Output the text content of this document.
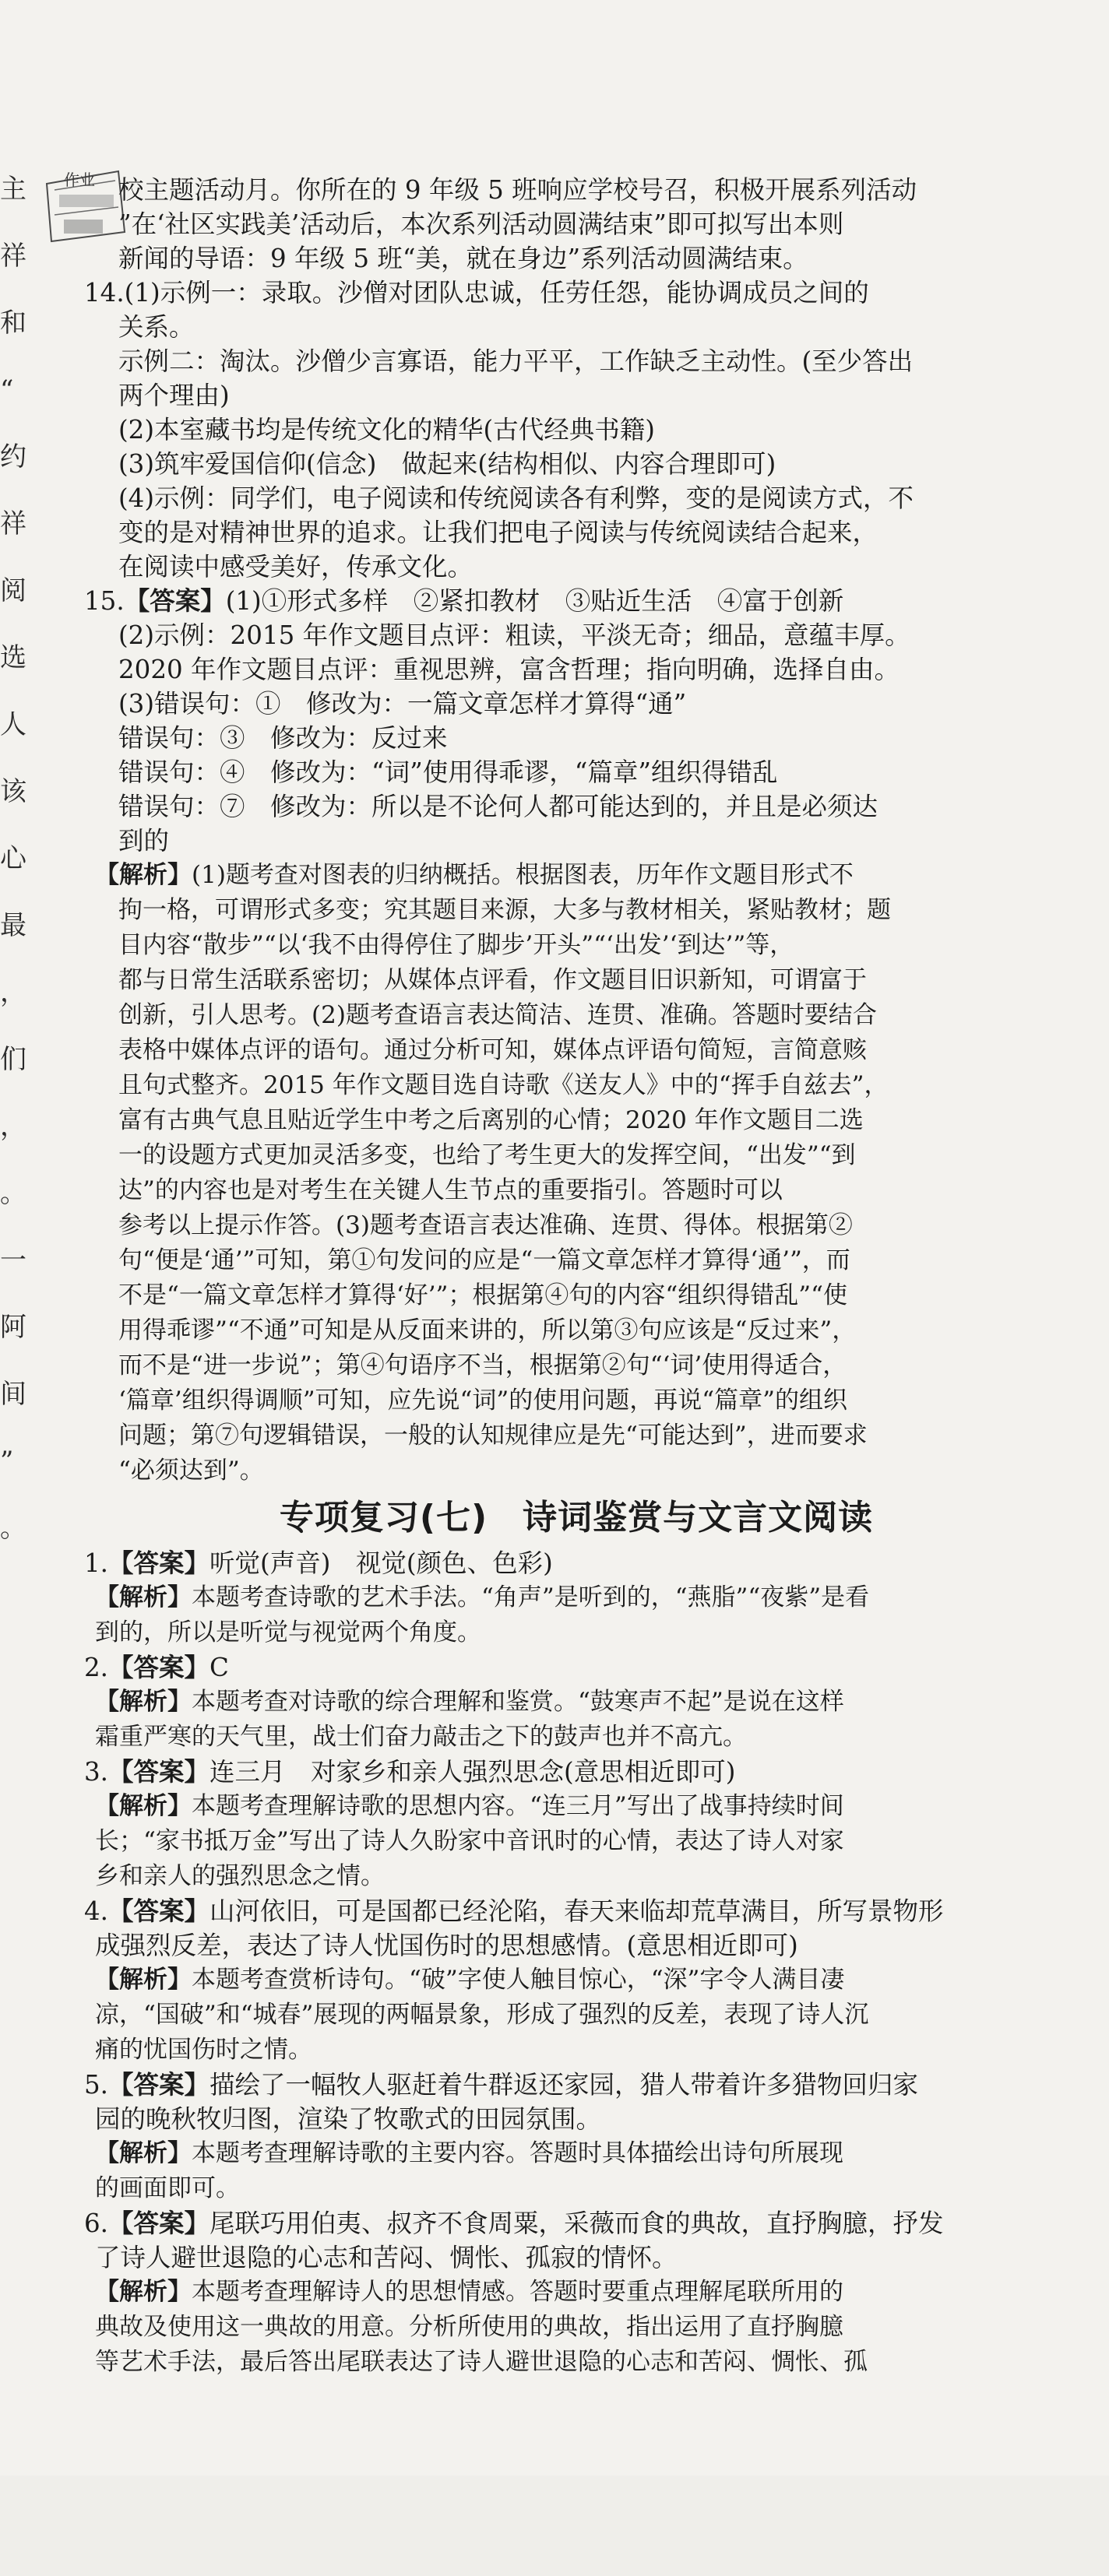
主
祥
和
“
约
祥
阅
选
人
该
心
最
，
们
，
。
一
阿
间
”
。
作业 校主题活动月。你所在的 9 年级 5 班响应学校号召，积极开展系列活动
”在‘社区实践美’活动后，本次系列活动圆满结束”即可拟写出本则
新闻的导语：9 年级 5 班“美，就在身边”系列活动圆满结束。
14.(1)示例一：录取。沙僧对团队忠诚，任劳任怨，能协调成员之间的
关系。
示例二：淘汰。沙僧少言寡语，能力平平，工作缺乏主动性。(至少答出
两个理由)
(2)本室藏书均是传统文化的精华(古代经典书籍)
(3)筑牢爱国信仰(信念)　做起来(结构相似、内容合理即可)
(4)示例：同学们，电子阅读和传统阅读各有利弊，变的是阅读方式，不
变的是对精神世界的追求。让我们把电子阅读与传统阅读结合起来，
在阅读中感受美好，传承文化。
15.【答案】(1)①形式多样　②紧扣教材　③贴近生活　④富于创新
(2)示例：2015 年作文题目点评：粗读，平淡无奇；细品，意蕴丰厚。
2020 年作文题目点评：重视思辨，富含哲理；指向明确，选择自由。
(3)错误句：①　修改为：一篇文章怎样才算得“通”
错误句：③　修改为：反过来
错误句：④　修改为：“词”使用得乖谬，“篇章”组织得错乱
错误句：⑦　修改为：所以是不论何人都可能达到的，并且是必须达
到的
【解析】(1)题考查对图表的归纳概括。根据图表，历年作文题目形式不
拘一格，可谓形式多变；究其题目来源，大多与教材相关，紧贴教材；题
目内容“散步”“以‘我不由得停住了脚步’开头”“‘出发’‘到达’”等，
都与日常生活联系密切；从媒体点评看，作文题目旧识新知，可谓富于
创新，引人思考。(2)题考查语言表达简洁、连贯、准确。答题时要结合
表格中媒体点评的语句。通过分析可知，媒体点评语句简短，言简意赅
且句式整齐。2015 年作文题目选自诗歌《送友人》中的“挥手自兹去”，
富有古典气息且贴近学生中考之后离别的心情；2020 年作文题目二选
一的设题方式更加灵活多变，也给了考生更大的发挥空间，“出发”“到
达”的内容也是对考生在关键人生节点的重要指引。答题时可以
参考以上提示作答。(3)题考查语言表达准确、连贯、得体。根据第②
句“便是‘通’”可知，第①句发问的应是“一篇文章怎样才算得‘通’”，而
不是“一篇文章怎样才算得‘好’”；根据第④句的内容“组织得错乱”“使
用得乖谬”“不通”可知是从反面来讲的，所以第③句应该是“反过来”，
而不是“进一步说”；第④句语序不当，根据第②句“‘词’使用得适合，
‘篇章’组织得调顺”可知，应先说“词”的使用问题，再说“篇章”的组织
问题；第⑦句逻辑错误，一般的认知规律应是先“可能达到”，进而要求
“必须达到”。
专项复习(七)　诗词鉴赏与文言文阅读
1.【答案】听觉(声音)　视觉(颜色、色彩)
【解析】本题考查诗歌的艺术手法。“角声”是听到的，“燕脂”“夜紫”是看
到的，所以是听觉与视觉两个角度。
2.【答案】C
【解析】本题考查对诗歌的综合理解和鉴赏。“鼓寒声不起”是说在这样
霜重严寒的天气里，战士们奋力敲击之下的鼓声也并不高亢。
3.【答案】连三月　对家乡和亲人强烈思念(意思相近即可)
【解析】本题考查理解诗歌的思想内容。“连三月”写出了战事持续时间
长；“家书抵万金”写出了诗人久盼家中音讯时的心情，表达了诗人对家
乡和亲人的强烈思念之情。
4.【答案】山河依旧，可是国都已经沦陷，春天来临却荒草满目，所写景物形
成强烈反差，表达了诗人忧国伤时的思想感情。(意思相近即可)
【解析】本题考查赏析诗句。“破”字使人触目惊心，“深”字令人满目凄
凉，“国破”和“城春”展现的两幅景象，形成了强烈的反差，表现了诗人沉
痛的忧国伤时之情。
5.【答案】描绘了一幅牧人驱赶着牛群返还家园，猎人带着许多猎物回归家
园的晚秋牧归图，渲染了牧歌式的田园氛围。
【解析】本题考查理解诗歌的主要内容。答题时具体描绘出诗句所展现
的画面即可。
6.【答案】尾联巧用伯夷、叔齐不食周粟，采薇而食的典故，直抒胸臆，抒发
了诗人避世退隐的心志和苦闷、惆怅、孤寂的情怀。
【解析】本题考查理解诗人的思想情感。答题时要重点理解尾联所用的
典故及使用这一典故的用意。分析所使用的典故，指出运用了直抒胸臆
等艺术手法，最后答出尾联表达了诗人避世退隐的心志和苦闷、惆怅、孤
